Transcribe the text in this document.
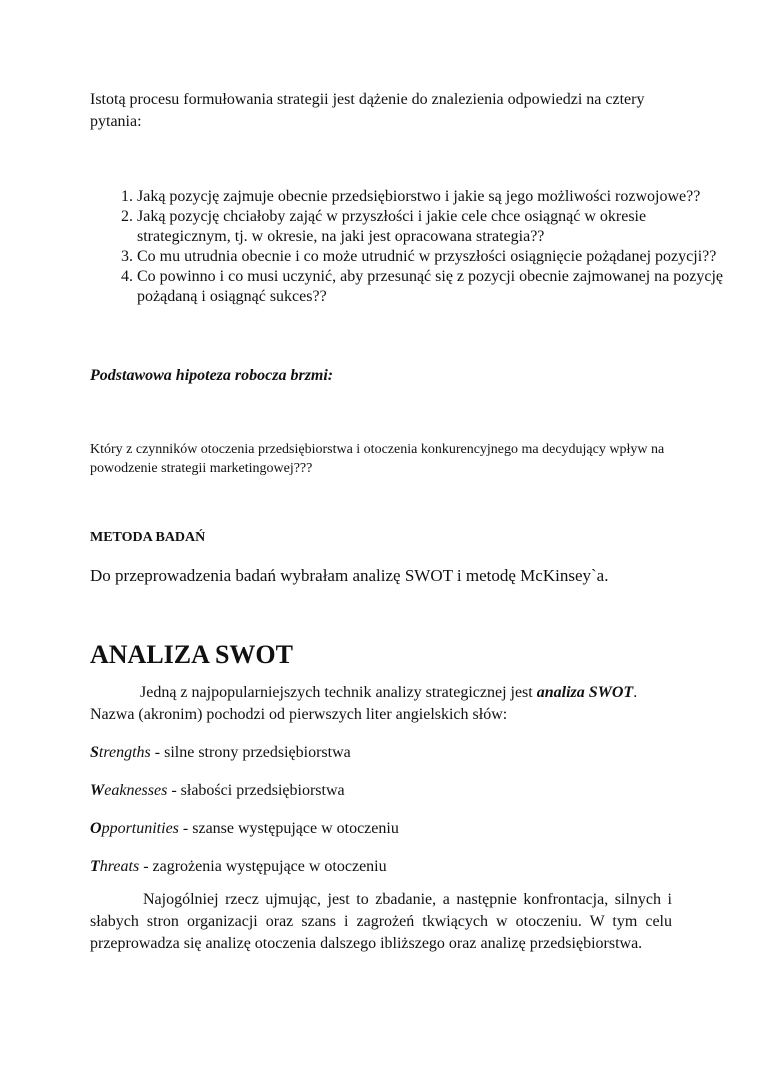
Istotą procesu formułowania strategii jest dążenie do znalezienia odpowiedzi na cztery pytania:
1. Jaką pozycję zajmuje obecnie przedsiębiorstwo i jakie są jego możliwości rozwojowe??
2. Jaką pozycję chciałoby zająć w przyszłości i jakie cele chce osiągnąć w okresie strategicznym, tj. w okresie, na jaki jest opracowana strategia??
3. Co mu utrudnia obecnie i co może utrudnić w przyszłości osiągnięcie pożądanej pozycji??
4. Co powinno i co musi uczynić, aby przesunąć się z pozycji obecnie zajmowanej na pozycję pożądaną i osiągnąć sukces??
Podstawowa hipoteza robocza brzmi:
Który z czynników otoczenia przedsiębiorstwa i otoczenia konkurencyjnego ma decydujący wpływ na powodzenie strategii marketingowej???
METODA BADAŃ
Do przeprowadzenia badań wybrałam analizę SWOT i metodę McKinsey`a.
ANALIZA SWOT
Jedną z najpopularniejszych technik analizy strategicznej jest analiza SWOT. Nazwa (akronim) pochodzi od pierwszych liter angielskich słów:
Strengths - silne strony przedsiębiorstwa
Weaknesses - słabości przedsiębiorstwa
Opportunities - szanse występujące w otoczeniu
Threats - zagrożenia występujące w otoczeniu
Najogólniej rzecz ujmując, jest to zbadanie, a następnie konfrontacja, silnych i słabych stron organizacji oraz szans i zagrożeń tkwiących w otoczeniu. W tym celu przeprowadza się analizę otoczenia dalszego ibliższego oraz analizę przedsiębiorstwa.
